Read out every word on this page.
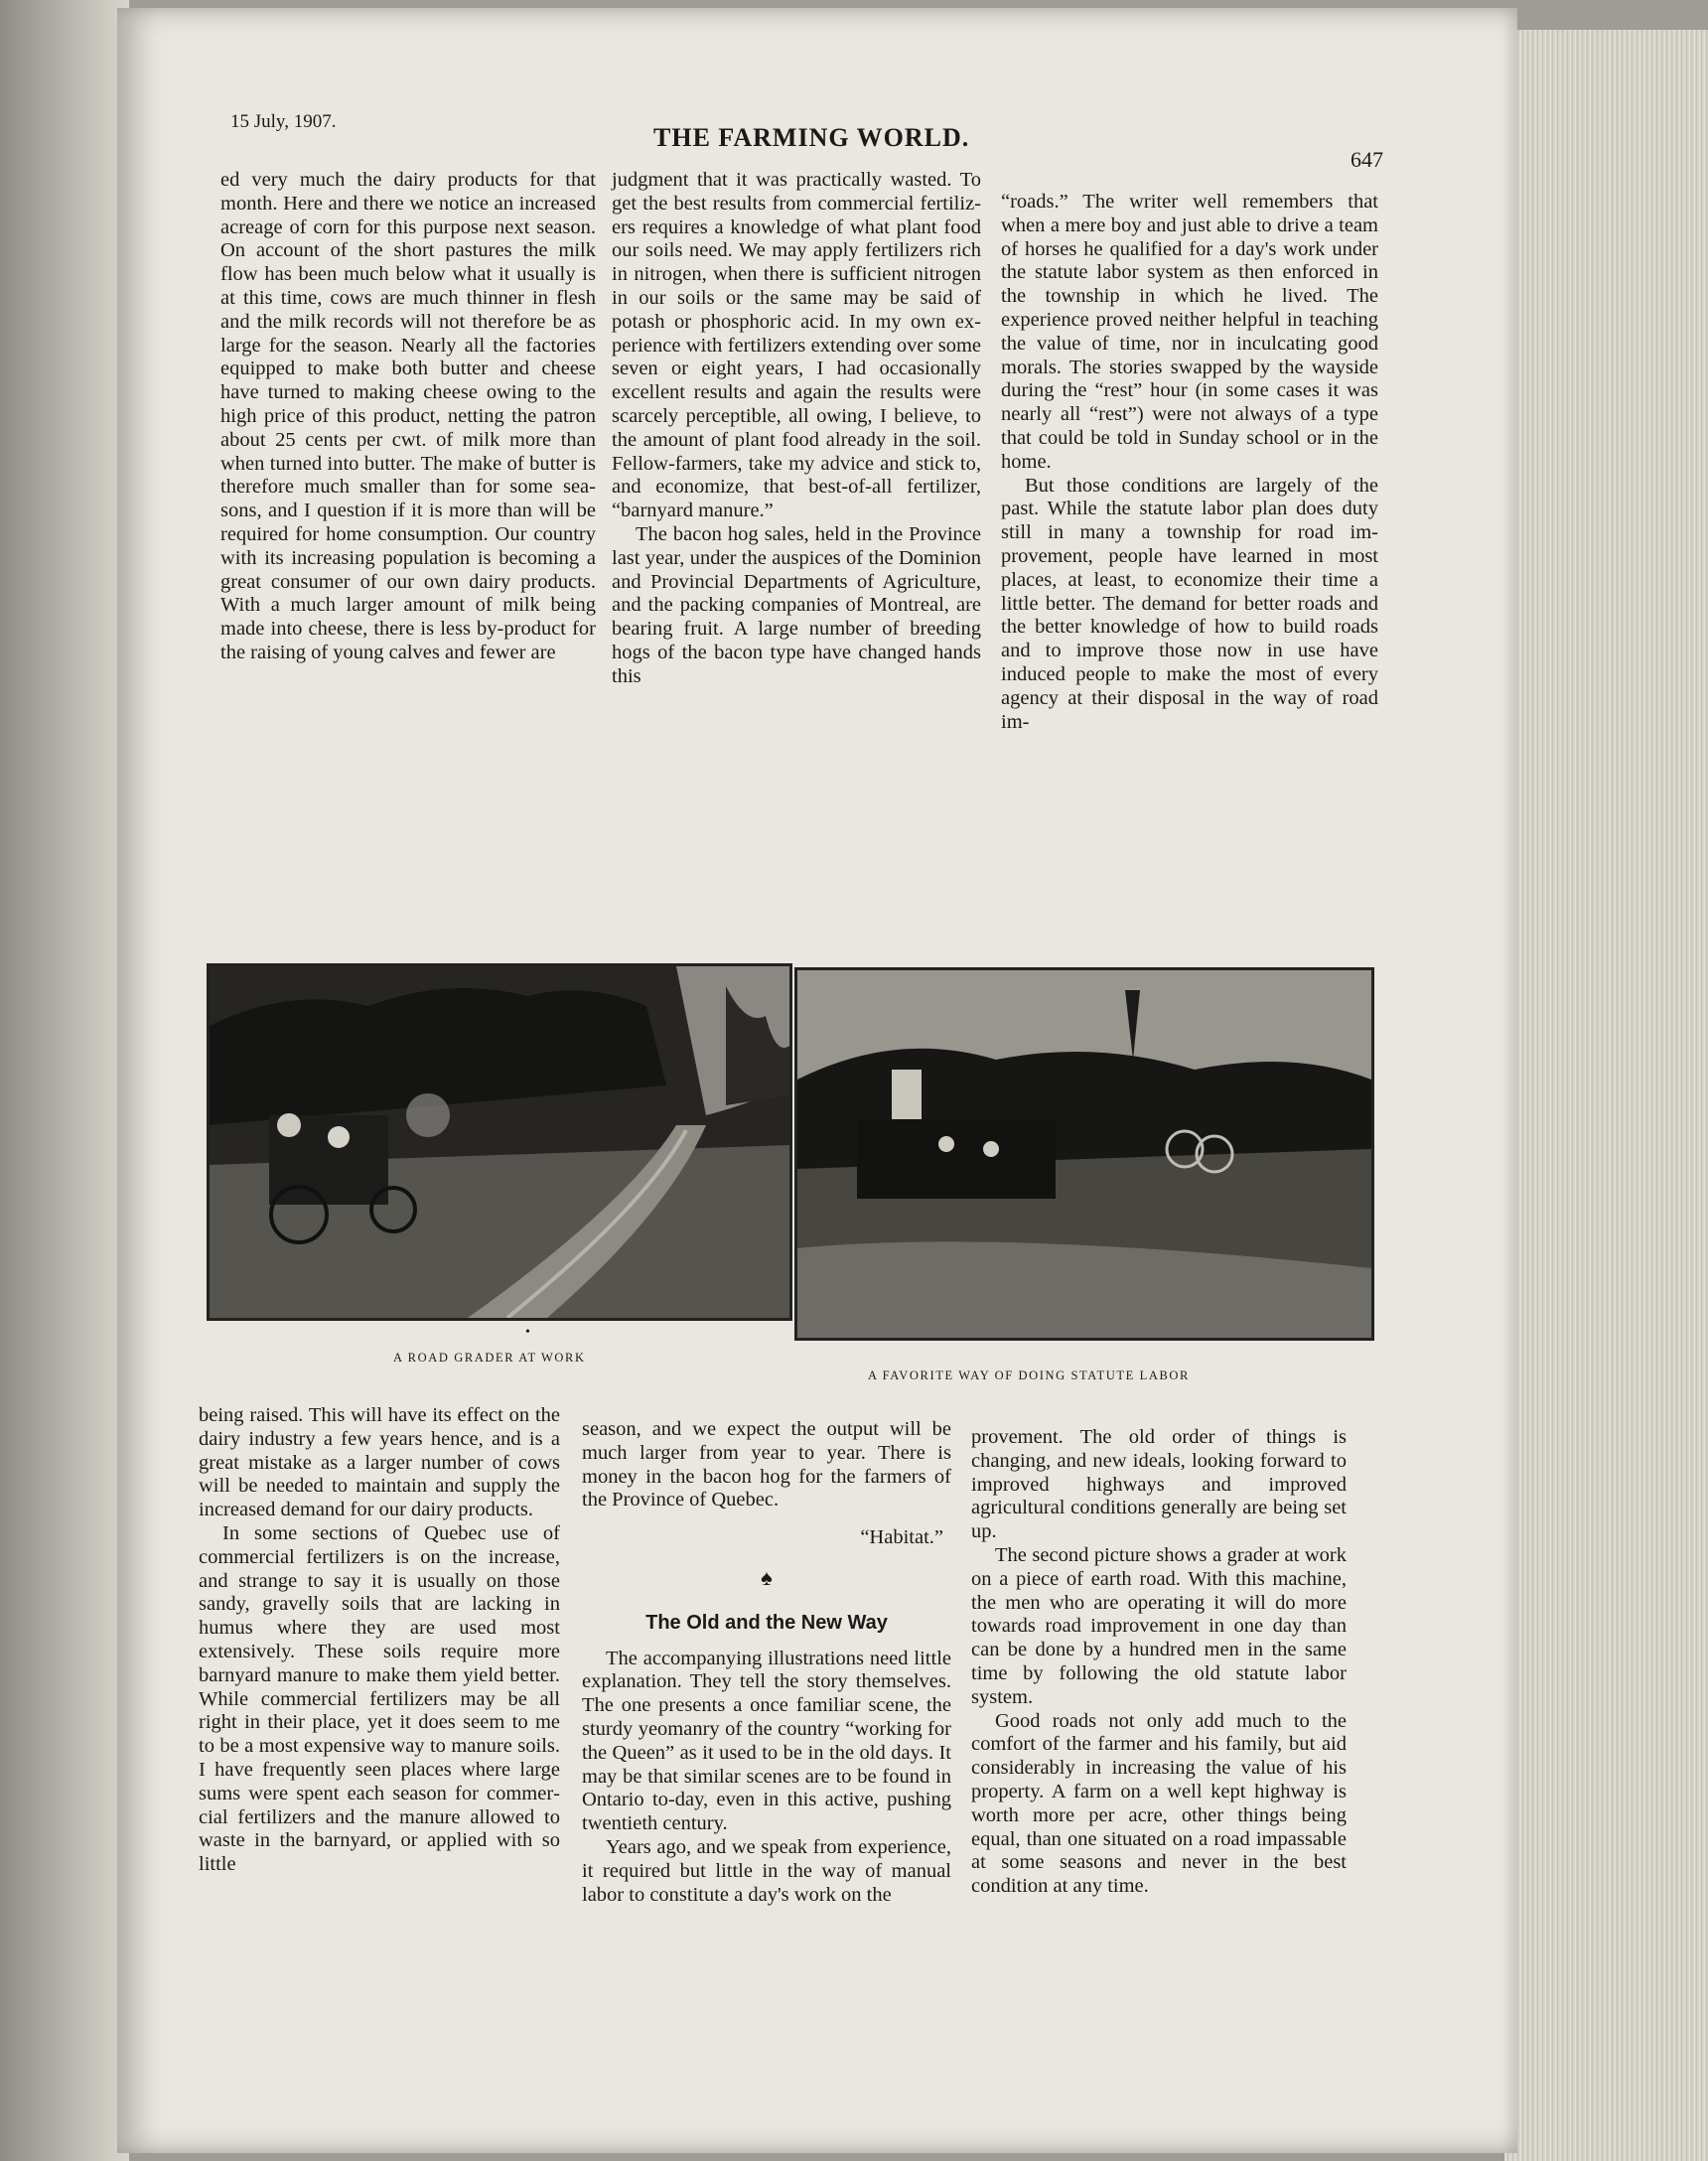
15 July, 1907.
THE FARMING WORLD.
647

ed very much the dairy products for that month. Here and there we notice an increased acreage of corn for this purpose next season. On account of the short pastures the milk flow has been much below what it usually is at this time, cows are much thinner in flesh and the milk records will not therefore be as large for the season. Nearly all the factories equipped to make both butter and cheese have turned to making cheese owing to the high price of this product, netting the patron about 25 cents per cwt. of milk more than when turned into butter. The make of butter is therefore much smaller than for some seasons, and I question if it is more than will be required for home consumption. Our country with its increasing population is becoming a great consumer of our own dairy products. With a much larger amount of milk being made into cheese, there is less by-product for the raising of young calves and fewer are

judgment that it was practically wasted. To get the best results from commercial fertilizers requires a knowledge of what plant food our soils need. We may apply fertilizers rich in nitrogen, when there is sufficient nitrogen in our soils or the same may be said of potash or phosphoric acid. In my own experience with fertilizers extending over some seven or eight years, I had occasionally excellent results and again the results were scarcely perceptible, all owing, I believe, to the amount of plant food already in the soil. Fellow-farmers, take my advice and stick to, and economize, that best-of-all fertilizer, “barnyard manure.”

The bacon hog sales, held in the Province last year, under the auspices of the Dominion and Provincial Departments of Agriculture, and the packing companies of Montreal, are bearing fruit. A large number of breeding hogs of the bacon type have changed hands this

“roads.” The writer well remembers that when a mere boy and just able to drive a team of horses he qualified for a day's work under the statute labor system as then enforced in the township in which he lived. The experience proved neither helpful in teaching the value of time, nor in inculcating good morals. The stories swapped by the wayside during the “rest” hour (in some cases it was nearly all “rest”) were not always of a type that could be told in Sunday school or in the home.

But those conditions are largely of the past. While the statute labor plan does duty still in many a township for road improvement, people have learned in most places, at least, to economize their time a little better. The demand for better roads and the better knowledge of how to build roads and to improve those now in use have induced people to make the most of every agency at their disposal in the way of road im-

•
A ROAD GRADER AT WORK
A FAVORITE WAY OF DOING STATUTE LABOR

being raised. This will have its effect on the dairy industry a few years hence, and is a great mistake as a larger number of cows will be needed to maintain and supply the increased demand for our dairy products.

In some sections of Quebec use of commercial fertilizers is on the increase, and strange to say it is usually on those sandy, gravelly soils that are lacking in humus where they are used most extensively. These soils require more barnyard manure to make them yield better. While commercial fertilizers may be all right in their place, yet it does seem to me to be a most expensive way to manure soils. I have frequently seen places where large sums were spent each season for commercial fertilizers and the manure allowed to waste in the barnyard, or applied with so little

season, and we expect the output will be much larger from year to year. There is money in the bacon hog for the farmers of the Province of Quebec.

“Habitat.”

♠

The Old and the New Way

The accompanying illustrations need little explanation. They tell the story themselves. The one presents a once familiar scene, the sturdy yeomanry of the country “working for the Queen” as it used to be in the old days. It may be that similar scenes are to be found in Ontario to-day, even in this active, pushing twentieth century.

Years ago, and we speak from experience, it required but little in the way of manual labor to constitute a day's work on the

provement. The old order of things is changing, and new ideals, looking forward to improved highways and improved agricultural conditions generally are being set up.

The second picture shows a grader at work on a piece of earth road. With this machine, the men who are operating it will do more towards road improvement in one day than can be done by a hundred men in the same time by following the old statute labor system.

Good roads not only add much to the comfort of the farmer and his family, but aid considerably in increasing the value of his property. A farm on a well kept highway is worth more per acre, other things being equal, than one situated on a road impassable at some seasons and never in the best condition at any time.
